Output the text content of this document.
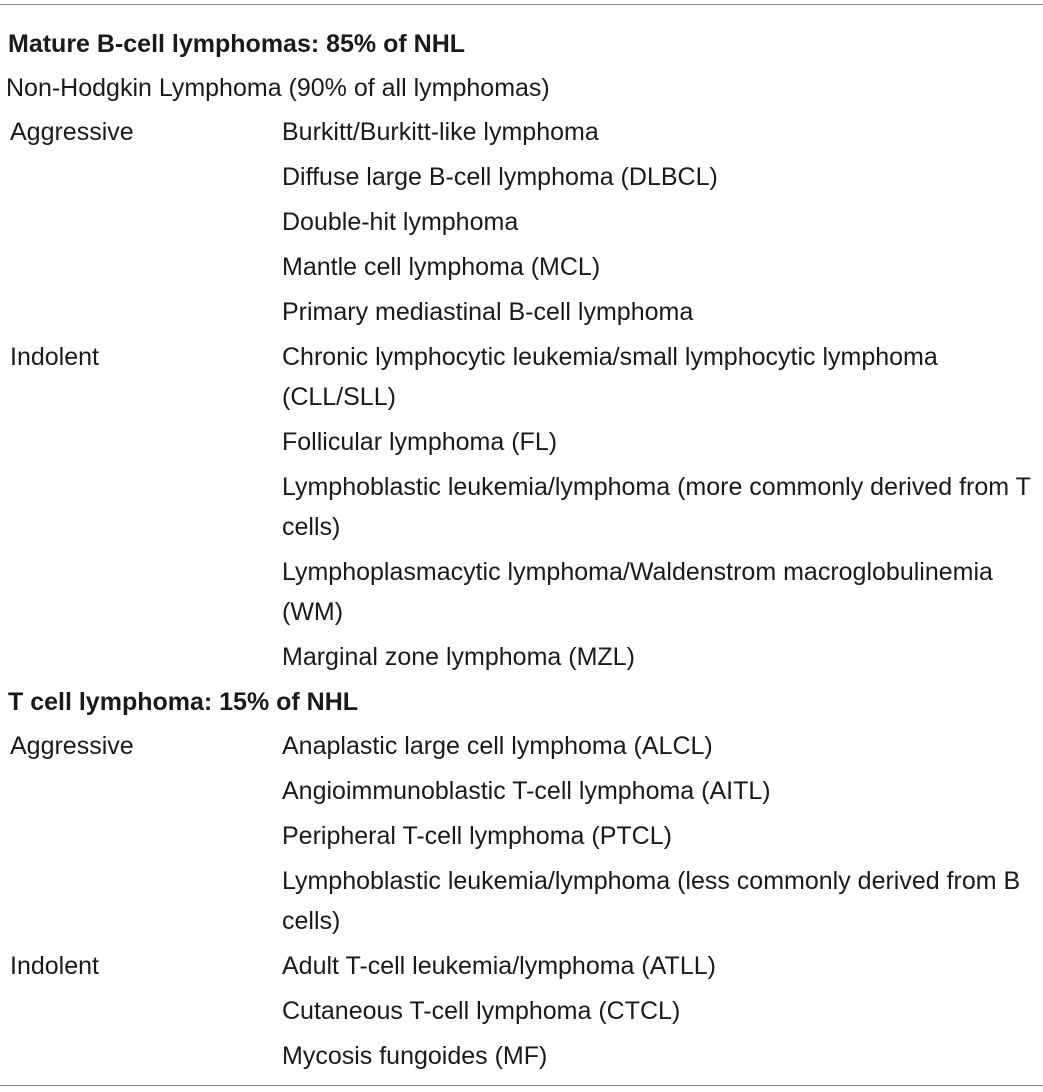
Mature B-cell lymphomas: 85% of NHL
Non-Hodgkin Lymphoma (90% of all lymphomas)
Aggressive	Burkitt/Burkitt-like lymphoma
Diffuse large B-cell lymphoma (DLBCL)
Double-hit lymphoma
Mantle cell lymphoma (MCL)
Primary mediastinal B-cell lymphoma
Indolent	Chronic lymphocytic leukemia/small lymphocytic lymphoma (CLL/SLL)
Follicular lymphoma (FL)
Lymphoblastic leukemia/lymphoma (more commonly derived from T cells)
Lymphoplasmacytic lymphoma/Waldenstrom macroglobulinemia (WM)
Marginal zone lymphoma (MZL)
T cell lymphoma: 15% of NHL
Aggressive	Anaplastic large cell lymphoma (ALCL)
Angioimmunoblastic T-cell lymphoma (AITL)
Peripheral T-cell lymphoma (PTCL)
Lymphoblastic leukemia/lymphoma (less commonly derived from B cells)
Indolent	Adult T-cell leukemia/lymphoma (ATLL)
Cutaneous T-cell lymphoma (CTCL)
Mycosis fungoides (MF)
